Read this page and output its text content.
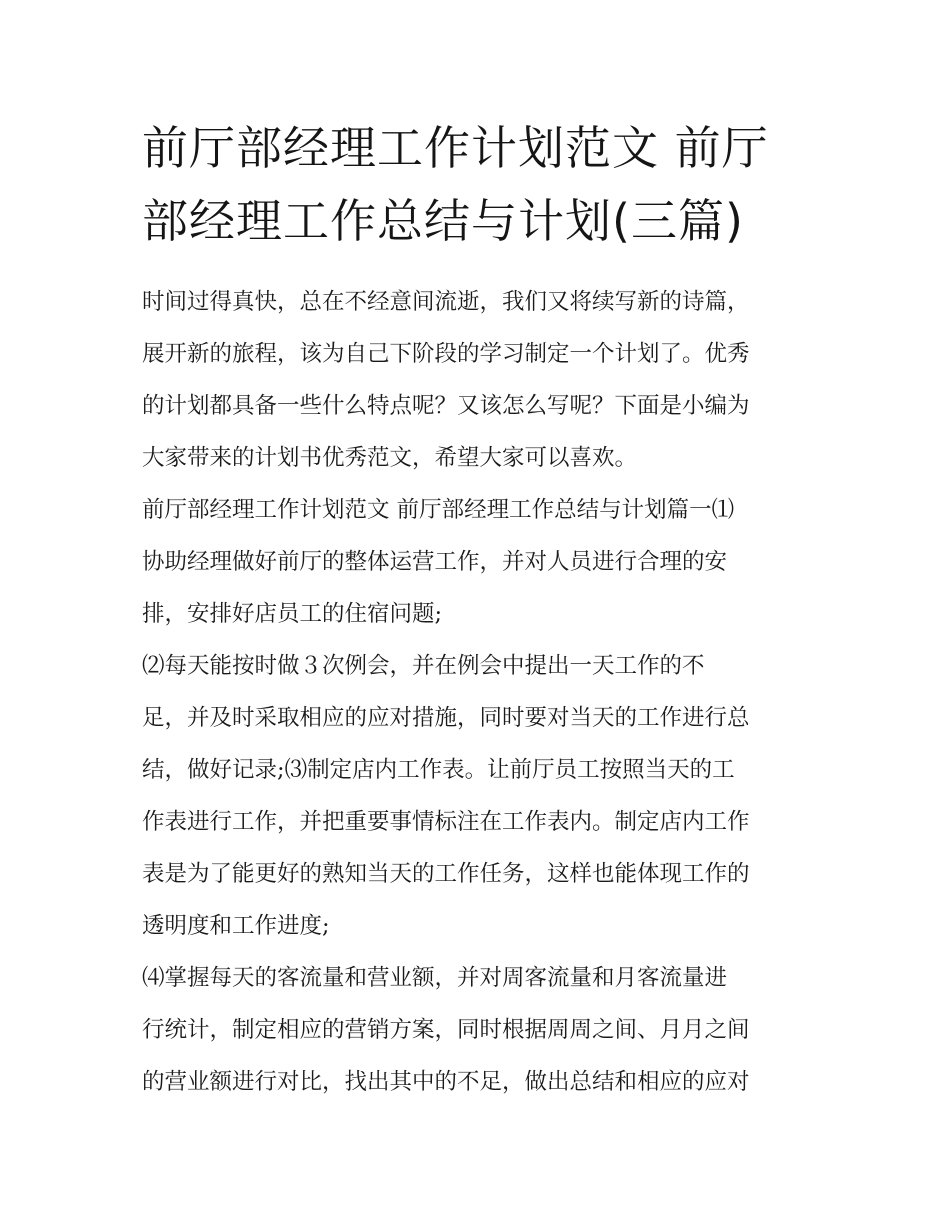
前厅部经理工作计划范文 前厅
部经理工作总结与计划(三篇)
时间过得真快，总在不经意间流逝，我们又将续写新的诗篇，
展开新的旅程，该为自己下阶段的学习制定一个计划了。优秀
的计划都具备一些什么特点呢？又该怎么写呢？下面是小编为
大家带来的计划书优秀范文，希望大家可以喜欢。
前厅部经理工作计划范文 前厅部经理工作总结与计划篇一⑴
协助经理做好前厅的整体运营工作，并对人员进行合理的安
排，安排好店员工的住宿问题;
⑵每天能按时做３次例会，并在例会中提出一天工作的不
足，并及时采取相应的应对措施，同时要对当天的工作进行总
结，做好记录;⑶制定店内工作表。让前厅员工按照当天的工
作表进行工作，并把重要事情标注在工作表内。制定店内工作
表是为了能更好的熟知当天的工作任务，这样也能体现工作的
透明度和工作进度;
⑷掌握每天的客流量和营业额，并对周客流量和月客流量进
行统计，制定相应的营销方案，同时根据周周之间、月月之间
的营业额进行对比，找出其中的不足，做出总结和相应的应对
